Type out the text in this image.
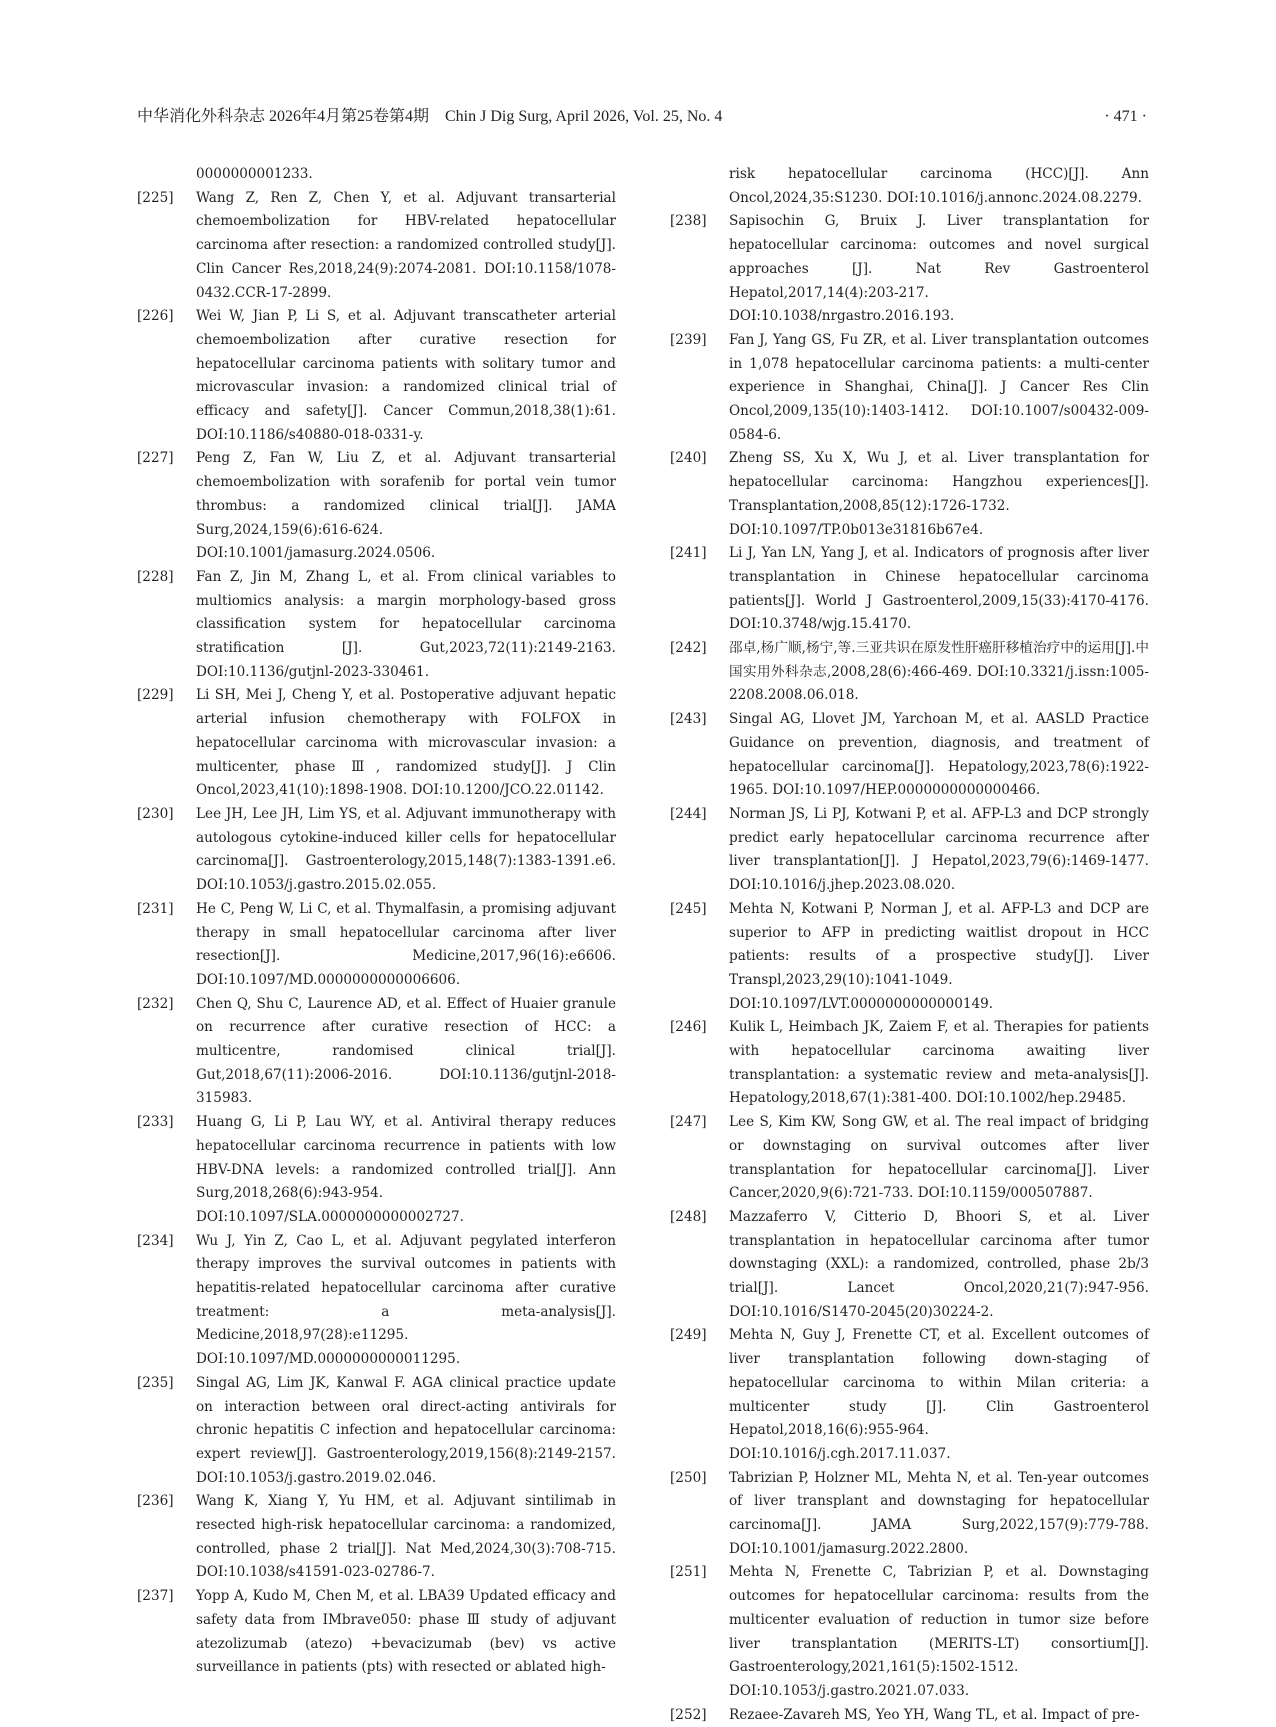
中华消化外科杂志 2026年4月第25卷第4期　Chin J Dig Surg, April 2026, Vol. 25, No. 4	· 471 ·
0000000001233.
[225] Wang Z, Ren Z, Chen Y, et al. Adjuvant transarterial chemoembolization for HBV-related hepatocellular carcinoma after resection: a randomized controlled study[J]. Clin Cancer Res,2018,24(9):2074-2081. DOI:10.1158/1078-0432.CCR-17-2899.
[226] Wei W, Jian P, Li S, et al. Adjuvant transcatheter arterial chemoembolization after curative resection for hepatocellular carcinoma patients with solitary tumor and microvascular invasion: a randomized clinical trial of efficacy and safety[J]. Cancer Commun,2018,38(1):61. DOI:10.1186/s40880-018-0331-y.
[227] Peng Z, Fan W, Liu Z, et al. Adjuvant transarterial chemoembolization with sorafenib for portal vein tumor thrombus: a randomized clinical trial[J]. JAMA Surg,2024,159(6):616-624. DOI:10.1001/jamasurg.2024.0506.
[228] Fan Z, Jin M, Zhang L, et al. From clinical variables to multiomics analysis: a margin morphology-based gross classification system for hepatocellular carcinoma stratification [J]. Gut,2023,72(11):2149-2163. DOI:10.1136/gutjnl-2023-330461.
[229] Li SH, Mei J, Cheng Y, et al. Postoperative adjuvant hepatic arterial infusion chemotherapy with FOLFOX in hepatocellular carcinoma with microvascular invasion: a multicenter, phase Ⅲ, randomized study[J]. J Clin Oncol,2023,41(10):1898-1908. DOI:10.1200/JCO.22.01142.
[230] Lee JH, Lee JH, Lim YS, et al. Adjuvant immunotherapy with autologous cytokine-induced killer cells for hepatocellular carcinoma[J]. Gastroenterology,2015,148(7):1383-1391.e6. DOI:10.1053/j.gastro.2015.02.055.
[231] He C, Peng W, Li C, et al. Thymalfasin, a promising adjuvant therapy in small hepatocellular carcinoma after liver resection[J]. Medicine,2017,96(16):e6606. DOI:10.1097/MD.0000000000006606.
[232] Chen Q, Shu C, Laurence AD, et al. Effect of Huaier granule on recurrence after curative resection of HCC: a multicentre, randomised clinical trial[J]. Gut,2018,67(11):2006-2016. DOI:10.1136/gutjnl-2018-315983.
[233] Huang G, Li P, Lau WY, et al. Antiviral therapy reduces hepatocellular carcinoma recurrence in patients with low HBV-DNA levels: a randomized controlled trial[J]. Ann Surg,2018,268(6):943-954. DOI:10.1097/SLA.0000000000002727.
[234] Wu J, Yin Z, Cao L, et al. Adjuvant pegylated interferon therapy improves the survival outcomes in patients with hepatitis-related hepatocellular carcinoma after curative treatment: a meta-analysis[J]. Medicine,2018,97(28):e11295. DOI:10.1097/MD.0000000000011295.
[235] Singal AG, Lim JK, Kanwal F. AGA clinical practice update on interaction between oral direct-acting antivirals for chronic hepatitis C infection and hepatocellular carcinoma: expert review[J]. Gastroenterology,2019,156(8):2149-2157. DOI:10.1053/j.gastro.2019.02.046.
[236] Wang K, Xiang Y, Yu HM, et al. Adjuvant sintilimab in resected high-risk hepatocellular carcinoma: a randomized, controlled, phase 2 trial[J]. Nat Med,2024,30(3):708-715. DOI:10.1038/s41591-023-02786-7.
[237] Yopp A, Kudo M, Chen M, et al. LBA39 Updated efficacy and safety data from IMbrave050: phase Ⅲ study of adjuvant atezolizumab (atezo) +bevacizumab (bev) vs active surveillance in patients (pts) with resected or ablated high-
risk hepatocellular carcinoma (HCC)[J]. Ann Oncol,2024,35:S1230. DOI:10.1016/j.annonc.2024.08.2279.
[238] Sapisochin G, Bruix J. Liver transplantation for hepatocellular carcinoma: outcomes and novel surgical approaches [J]. Nat Rev Gastroenterol Hepatol,2017,14(4):203-217. DOI:10.1038/nrgastro.2016.193.
[239] Fan J, Yang GS, Fu ZR, et al. Liver transplantation outcomes in 1,078 hepatocellular carcinoma patients: a multi-center experience in Shanghai, China[J]. J Cancer Res Clin Oncol,2009,135(10):1403-1412. DOI:10.1007/s00432-009-0584-6.
[240] Zheng SS, Xu X, Wu J, et al. Liver transplantation for hepatocellular carcinoma: Hangzhou experiences[J]. Transplantation,2008,85(12):1726-1732. DOI:10.1097/TP.0b013e31816b67e4.
[241] Li J, Yan LN, Yang J, et al. Indicators of prognosis after liver transplantation in Chinese hepatocellular carcinoma patients[J]. World J Gastroenterol,2009,15(33):4170-4176. DOI:10.3748/wjg.15.4170.
[242] 邵卓,杨广顺,杨宁,等.三亚共识在原发性肝癌肝移植治疗中的运用[J].中国实用外科杂志,2008,28(6):466-469. DOI:10.3321/j.issn:1005-2208.2008.06.018.
[243] Singal AG, Llovet JM, Yarchoan M, et al. AASLD Practice Guidance on prevention, diagnosis, and treatment of hepatocellular carcinoma[J]. Hepatology,2023,78(6):1922-1965. DOI:10.1097/HEP.0000000000000466.
[244] Norman JS, Li PJ, Kotwani P, et al. AFP-L3 and DCP strongly predict early hepatocellular carcinoma recurrence after liver transplantation[J]. J Hepatol,2023,79(6):1469-1477. DOI:10.1016/j.jhep.2023.08.020.
[245] Mehta N, Kotwani P, Norman J, et al. AFP-L3 and DCP are superior to AFP in predicting waitlist dropout in HCC patients: results of a prospective study[J]. Liver Transpl,2023,29(10):1041-1049. DOI:10.1097/LVT.0000000000000149.
[246] Kulik L, Heimbach JK, Zaiem F, et al. Therapies for patients with hepatocellular carcinoma awaiting liver transplantation: a systematic review and meta-analysis[J]. Hepatology,2018,67(1):381-400. DOI:10.1002/hep.29485.
[247] Lee S, Kim KW, Song GW, et al. The real impact of bridging or downstaging on survival outcomes after liver transplantation for hepatocellular carcinoma[J]. Liver Cancer,2020,9(6):721-733. DOI:10.1159/000507887.
[248] Mazzaferro V, Citterio D, Bhoori S, et al. Liver transplantation in hepatocellular carcinoma after tumor downstaging (XXL): a randomized, controlled, phase 2b/3 trial[J]. Lancet Oncol,2020,21(7):947-956. DOI:10.1016/S1470-2045(20)30224-2.
[249] Mehta N, Guy J, Frenette CT, et al. Excellent outcomes of liver transplantation following down-staging of hepatocellular carcinoma to within Milan criteria: a multicenter study [J]. Clin Gastroenterol Hepatol,2018,16(6):955-964. DOI:10.1016/j.cgh.2017.11.037.
[250] Tabrizian P, Holzner ML, Mehta N, et al. Ten-year outcomes of liver transplant and downstaging for hepatocellular carcinoma[J]. JAMA Surg,2022,157(9):779-788. DOI:10.1001/jamasurg.2022.2800.
[251] Mehta N, Frenette C, Tabrizian P, et al. Downstaging outcomes for hepatocellular carcinoma: results from the multicenter evaluation of reduction in tumor size before liver transplantation (MERITS-LT) consortium[J]. Gastroenterology,2021,161(5):1502-1512. DOI:10.1053/j.gastro.2021.07.033.
[252] Rezaee-Zavareh MS, Yeo YH, Wang TL, et al. Impact of pre-
